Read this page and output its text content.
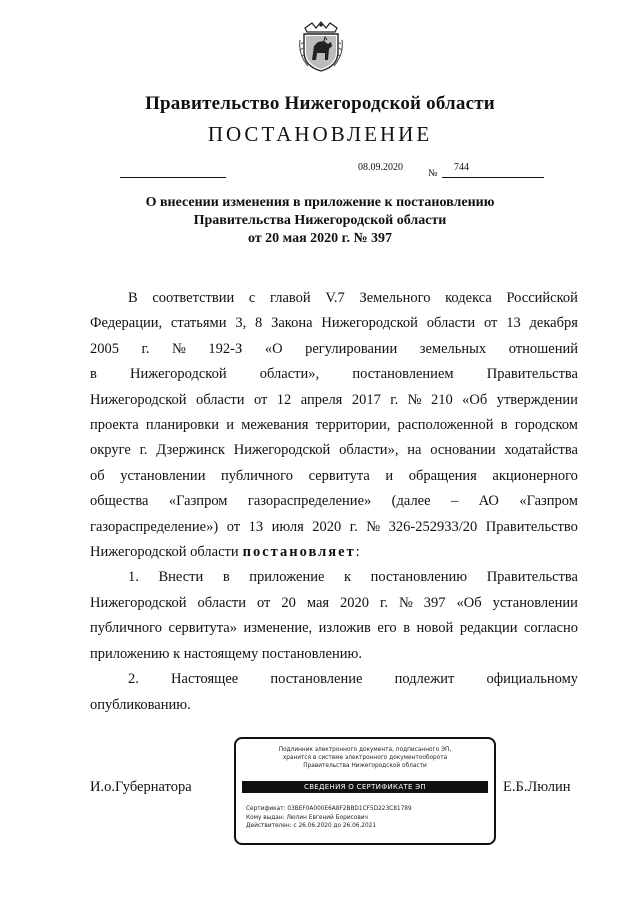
Правительство Нижегородской области
ПОСТАНОВЛЕНИЕ
08.09.2020
№
744
О внесении изменения в приложение к постановлению
Правительства Нижегородской области
от 20 мая 2020 г. № 397
В соответствии с главой V.7 Земельного кодекса Российской
Федерации, статьями 3, 8 Закона Нижегородской области от 13 декабря
2005 г. № 192-З «О регулировании земельных отношений
в Нижегородской области», постановлением Правительства
Нижегородской области от 12 апреля 2017 г. № 210 «Об утверждении
проекта планировки и межевания территории, расположенной в городском
округе г. Дзержинск Нижегородской области», на основании ходатайства
об установлении публичного сервитута и обращения акционерного
общества «Газпром газораспределение» (далее – АО «Газпром
газораспределение») от 13 июля 2020 г. № 326-252933/20 Правительство
Нижегородской области постановляет :
1. Внести в приложение к постановлению Правительства
Нижегородской области от 20 мая 2020 г. № 397 «Об установлении
публичного сервитута» изменение, изложив его в новой редакции согласно
приложению к настоящему постановлению.
2. Настоящее постановление подлежит официальному
опубликованию.
И.о.Губернатора	Е.Б.Люлин
Подлинник электронного документа, подписанного ЭП,
хранится в системе электронного документооборота
Правительства Нижегородской области
СВЕДЕНИЯ О СЕРТИФИКАТЕ ЭП
Сертификат: 03BEF0A000E6A8F2BBD1CF5D223C81789
Кому выдан: Люлин Евгений Борисович
Действителен: с 26.06.2020 до 26.06.2021
